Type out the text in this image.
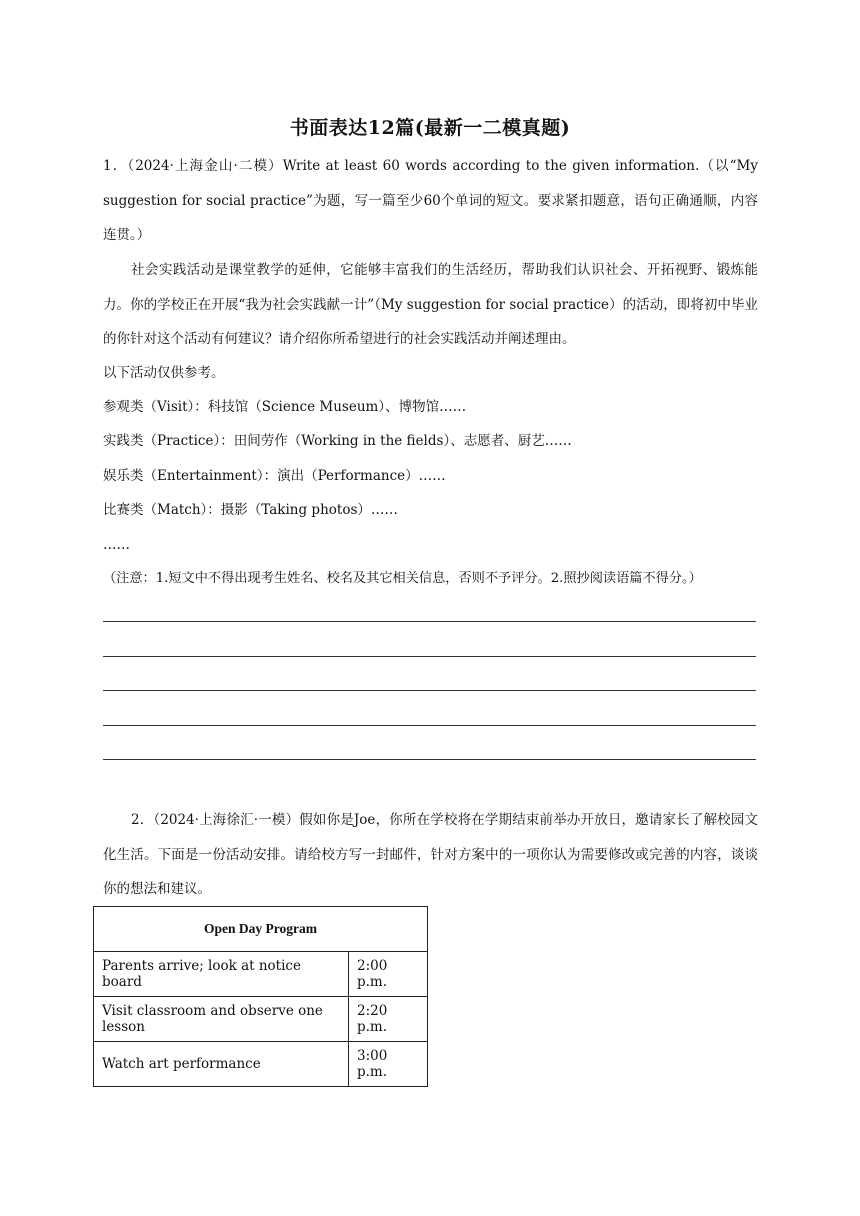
书面表达12篇(最新一二模真题)
1．（2024·上海金山·二模）Write at least 60 words according to the given information.（以“My suggestion for social practice”为题，写一篇至少60个单词的短文。要求紧扣题意，语句正确通顺，内容连贯。）
社会实践活动是课堂教学的延伸，它能够丰富我们的生活经历，帮助我们认识社会、开拓视野、锻炼能力。你的学校正在开展“我为社会实践献一计”（My suggestion for social practice）的活动，即将初中毕业的你针对这个活动有何建议？请介绍你所希望进行的社会实践活动并阐述理由。
以下活动仅供参考。
参观类（Visit）：科技馆（Science Museum）、博物馆……
实践类（Practice）：田间劳作（Working in the fields）、志愿者、厨艺……
娱乐类（Entertainment）：演出（Performance）……
比赛类（Match）：摄影（Taking photos）……
……
（注意：1.短文中不得出现考生姓名、校名及其它相关信息，否则不予评分。2.照抄阅读语篇不得分。）
2．（2024·上海徐汇·一模）假如你是Joe，你所在学校将在学期结束前举办开放日，邀请家长了解校园文化生活。下面是一份活动安排。请给校方写一封邮件，针对方案中的一项你认为需要修改或完善的内容，谈谈你的想法和建议。
Open Day Program	
Parents arrive; look at notice board	2:00 p.m.
Visit classroom and observe one lesson	2:20 p.m.
Watch art performance	3:00 p.m.
